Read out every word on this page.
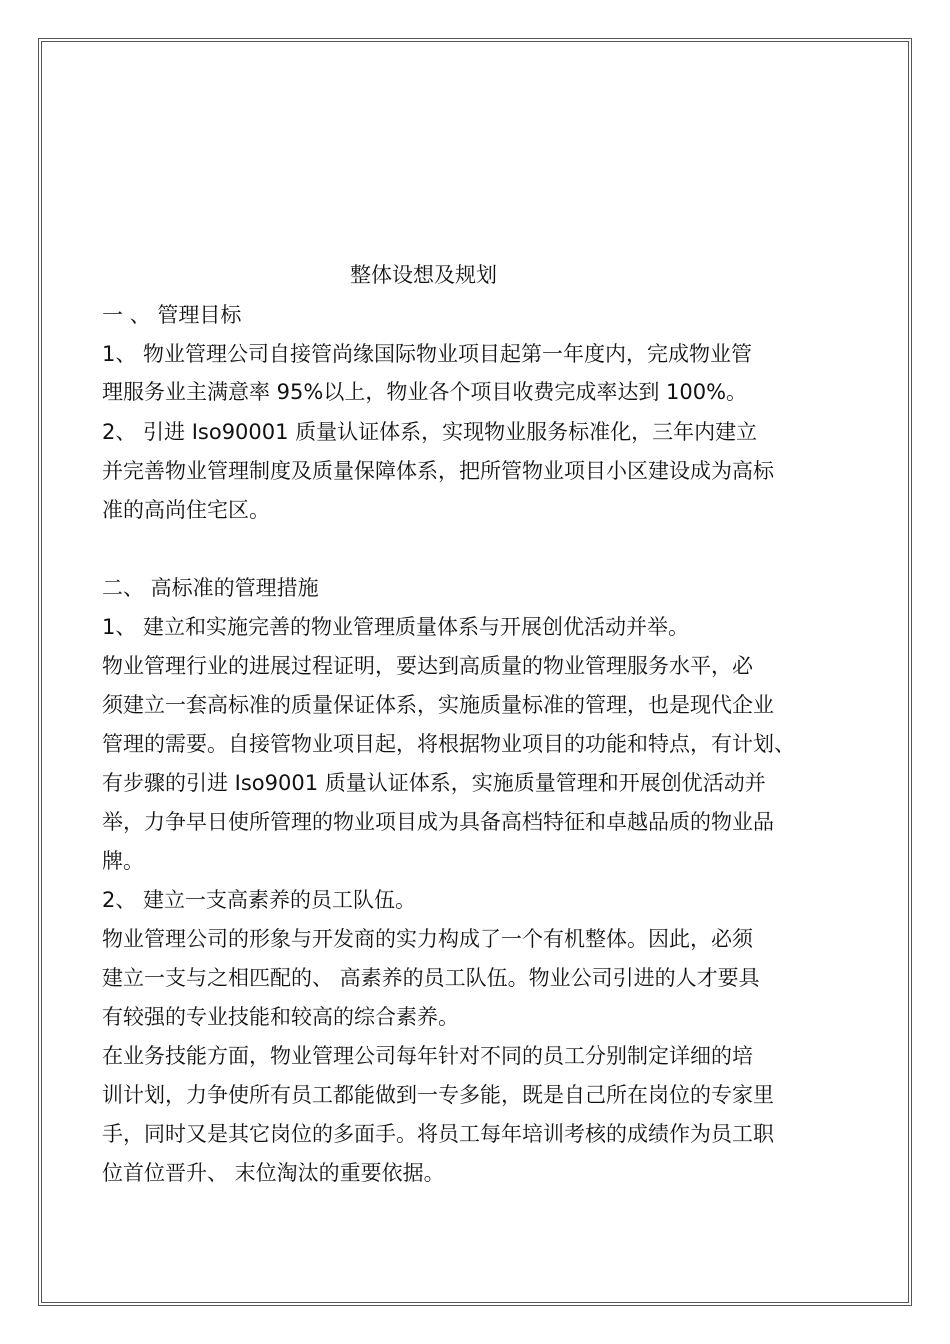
整体设想及规划
一 、 管理目标
1、 物业管理公司自接管尚缘国际物业项目起第一年度内，完成物业管
理服务业主满意率 95%以上，物业各个项目收费完成率达到 100%。
2、 引进 Iso90001 质量认证体系，实现物业服务标准化，三年内建立
并完善物业管理制度及质量保障体系，把所管物业项目小区建设成为高标
准的高尚住宅区。
二、 高标准的管理措施
1、 建立和实施完善的物业管理质量体系与开展创优活动并举。
物业管理行业的进展过程证明，要达到高质量的物业管理服务水平，必
须建立一套高标准的质量保证体系，实施质量标准的管理，也是现代企业
管理的需要。自接管物业项目起，将根据物业项目的功能和特点，有计划、
有步骤的引进 Iso9001 质量认证体系，实施质量管理和开展创优活动并
举，力争早日使所管理的物业项目成为具备高档特征和卓越品质的物业品
牌。
2、 建立一支高素养的员工队伍。
物业管理公司的形象与开发商的实力构成了一个有机整体。因此，必须
建立一支与之相匹配的、 高素养的员工队伍。物业公司引进的人才要具
有较强的专业技能和较高的综合素养。
在业务技能方面，物业管理公司每年针对不同的员工分别制定详细的培
训计划，力争使所有员工都能做到一专多能，既是自己所在岗位的专家里
手，同时又是其它岗位的多面手。将员工每年培训考核的成绩作为员工职
位首位晋升、 末位淘汰的重要依据。
